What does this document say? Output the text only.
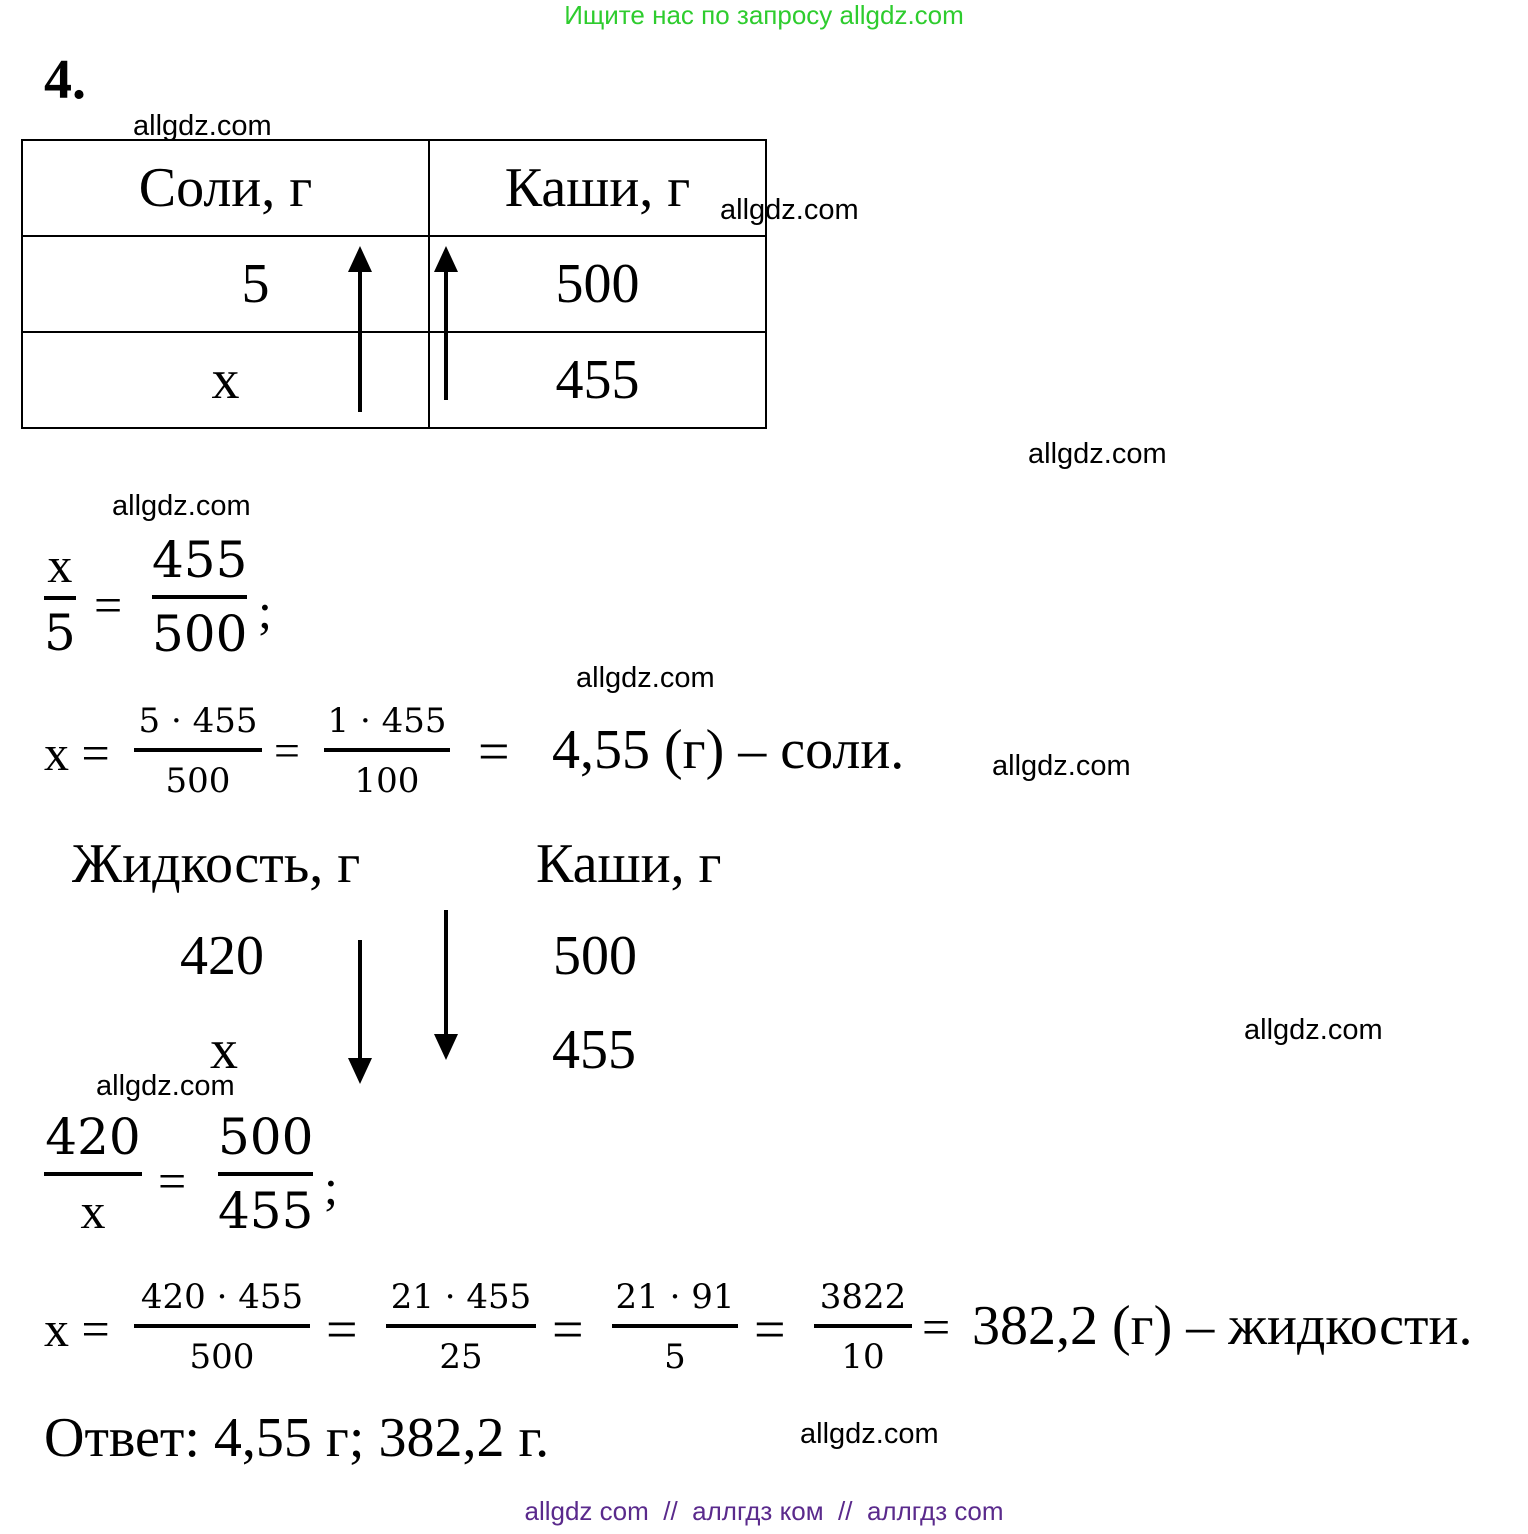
Ищите нас по запросу allgdz.com
allgdz com // аллгдз ком // аллгдз com
allgdz.com
allgdz.com
allgdz.com
allgdz.com
allgdz.com
allgdz.com
allgdz.com
allgdz.com
allgdz.com
4.
Соли, г	Каши, г
5	500
x	455
x
5 =
455
500 ;
x =
5 · 455
500
=
1 · 455
100 = 4,55 (г) – соли.
Жидкость, г	Каши, г
420	500
x	455
420
x
=
500
455 ;
x =
420 · 455
500 =
21 · 455
25 =
21 · 91
5 =
3822
10
= 382,2 (г) – жидкости.
Ответ: 4,55 г; 382,2 г.
